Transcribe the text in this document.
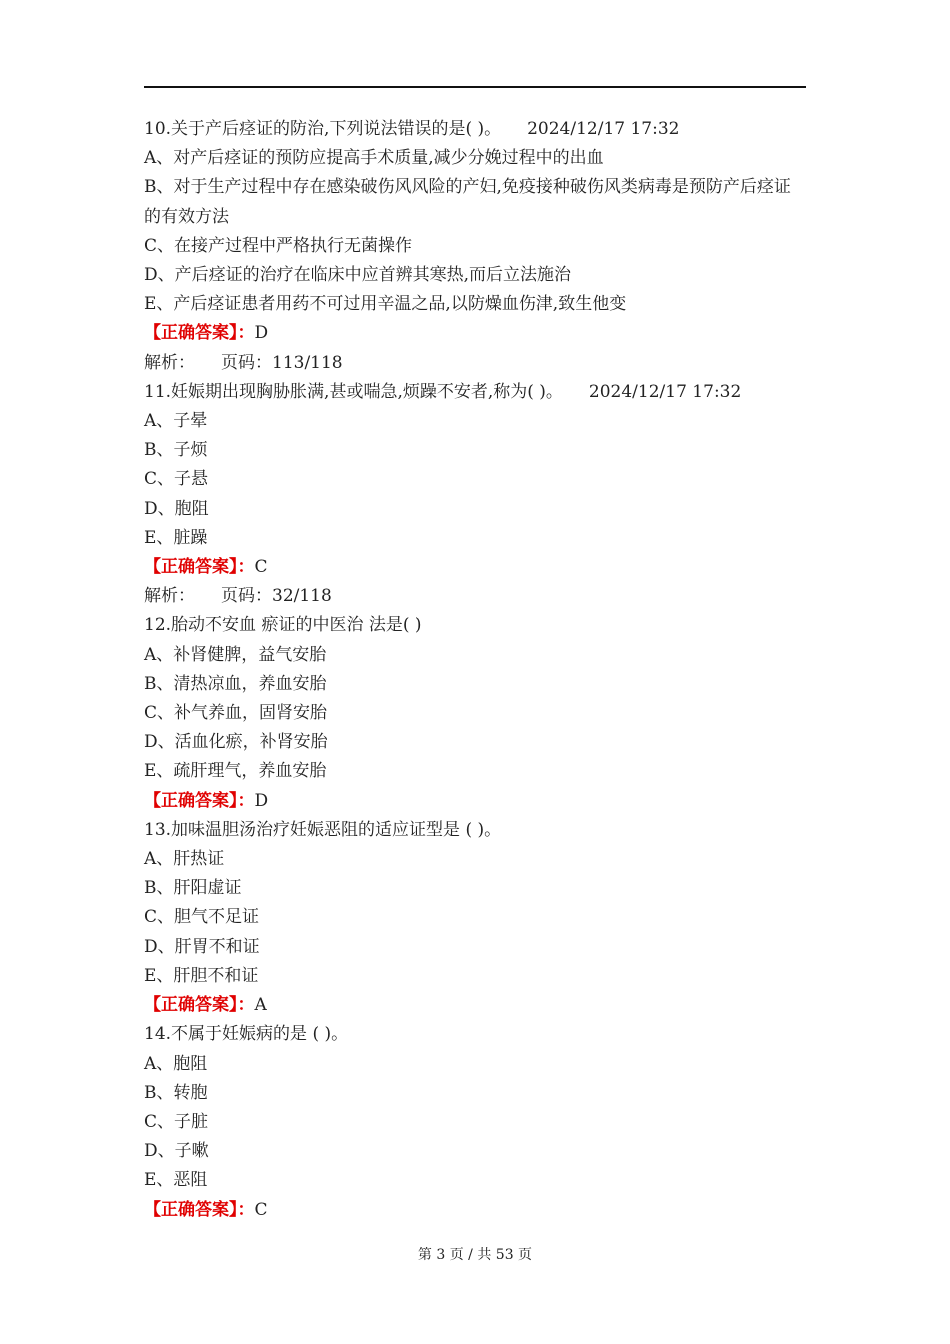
10.关于产后痉证的防治,下列说法错误的是( )。 2024/12/17 17:32
A、对产后痉证的预防应提高手术质量,减少分娩过程中的出血
B、对于生产过程中存在感染破伤风风险的产妇,免疫接种破伤风类病毒是预防产后痉证的有效方法
C、在接产过程中严格执行无菌操作
D、产后痉证的治疗在临床中应首辨其寒热,而后立法施治
E、产后痉证患者用药不可过用辛温之品,以防燥血伤津,致生他变
【正确答案】：D
解析： 页码：113/118
11.妊娠期出现胸胁胀满,甚或喘急,烦躁不安者,称为( )。 2024/12/17 17:32
A、子晕
B、子烦
C、子悬
D、胞阻
E、脏躁
【正确答案】：C
解析： 页码：32/118
12.胎动不安血 瘀证的中医治 法是( )
A、补肾健脾，益气安胎
B、清热凉血，养血安胎
C、补气养血，固肾安胎
D、活血化瘀，补肾安胎
E、疏肝理气，养血安胎
【正确答案】：D
13.加味温胆汤治疗妊娠恶阻的适应证型是 ( )。
A、肝热证
B、肝阳虚证
C、胆气不足证
D、肝胃不和证
E、肝胆不和证
【正确答案】：A
14.不属于妊娠病的是 ( )。
A、胞阻
B、转胞
C、子脏
D、子嗽
E、恶阻
【正确答案】：C
第 3 页 / 共 53 页
